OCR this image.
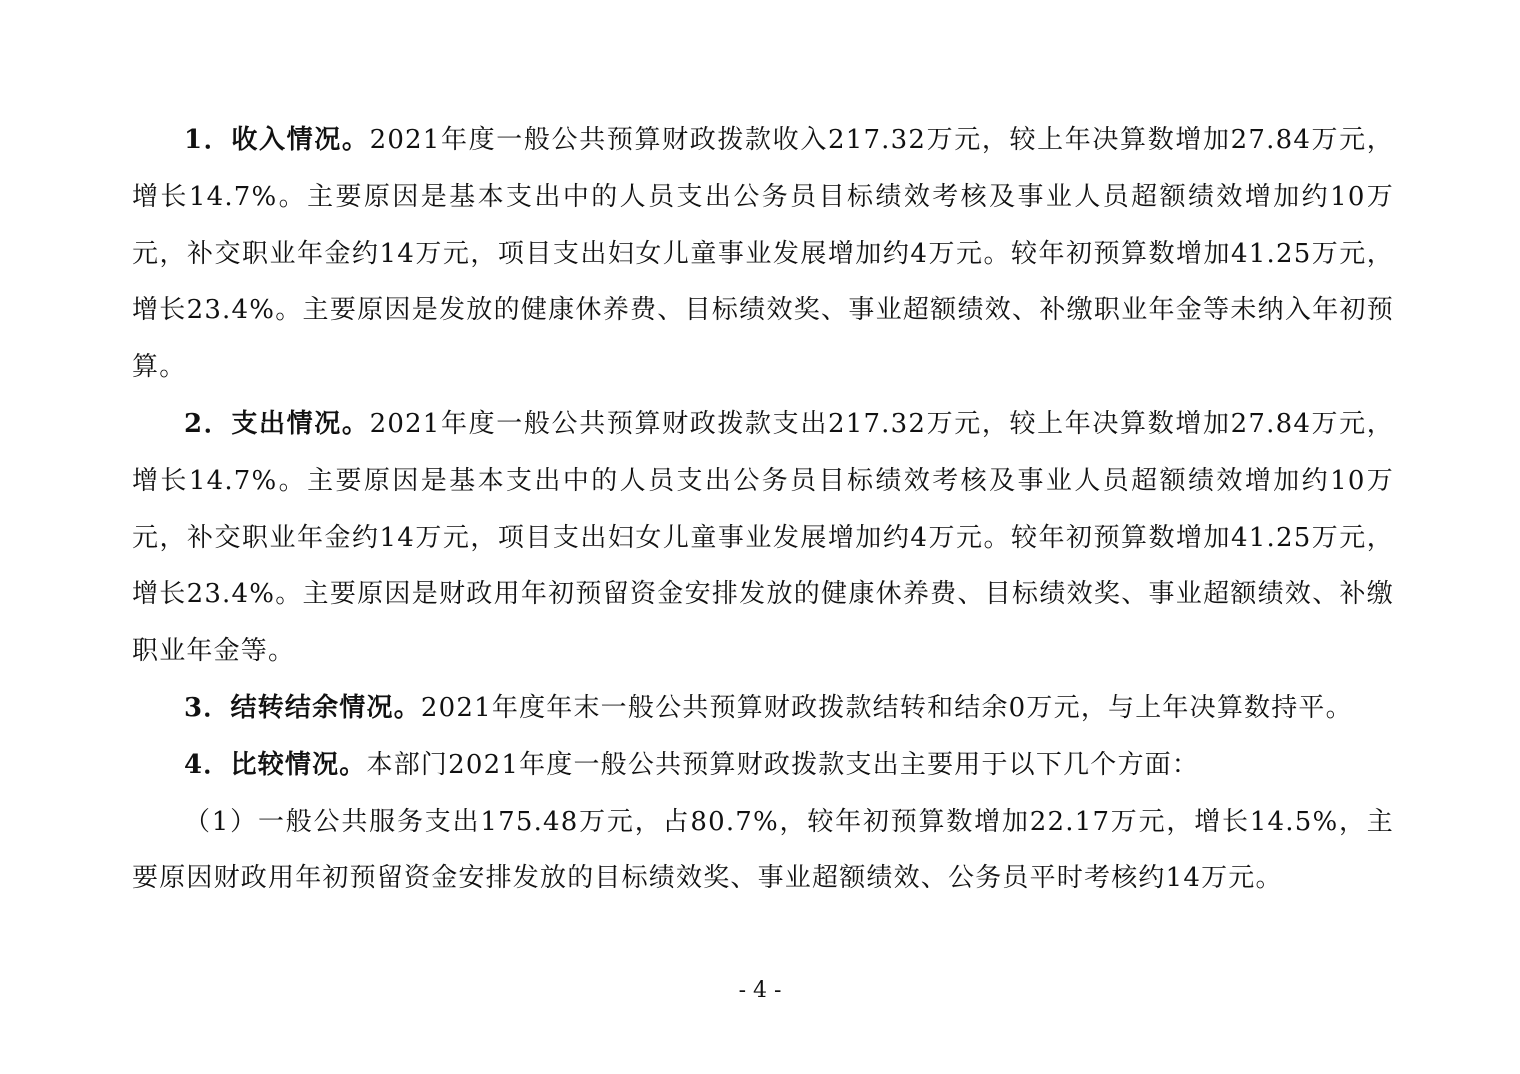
1．收入情况。2021年度一般公共预算财政拨款收入217.32万元，较上年决算数增加27.84万元，增长14.7%。主要原因是基本支出中的人员支出公务员目标绩效考核及事业人员超额绩效增加约10万元，补交职业年金约14万元，项目支出妇女儿童事业发展增加约4万元。较年初预算数增加41.25万元，增长23.4%。主要原因是发放的健康休养费、目标绩效奖、事业超额绩效、补缴职业年金等未纳入年初预算。

2．支出情况。2021年度一般公共预算财政拨款支出217.32万元，较上年决算数增加27.84万元，增长14.7%。主要原因是基本支出中的人员支出公务员目标绩效考核及事业人员超额绩效增加约10万元，补交职业年金约14万元，项目支出妇女儿童事业发展增加约4万元。较年初预算数增加41.25万元，增长23.4%。主要原因是财政用年初预留资金安排发放的健康休养费、目标绩效奖、事业超额绩效、补缴职业年金等。

3．结转结余情况。2021年度年末一般公共预算财政拨款结转和结余0万元，与上年决算数持平。

4．比较情况。本部门2021年度一般公共预算财政拨款支出主要用于以下几个方面：

（1）一般公共服务支出175.48万元，占80.7%，较年初预算数增加22.17万元，增长14.5%，主要原因财政用年初预留资金安排发放的目标绩效奖、事业超额绩效、公务员平时考核约14万元。

- 4 -
